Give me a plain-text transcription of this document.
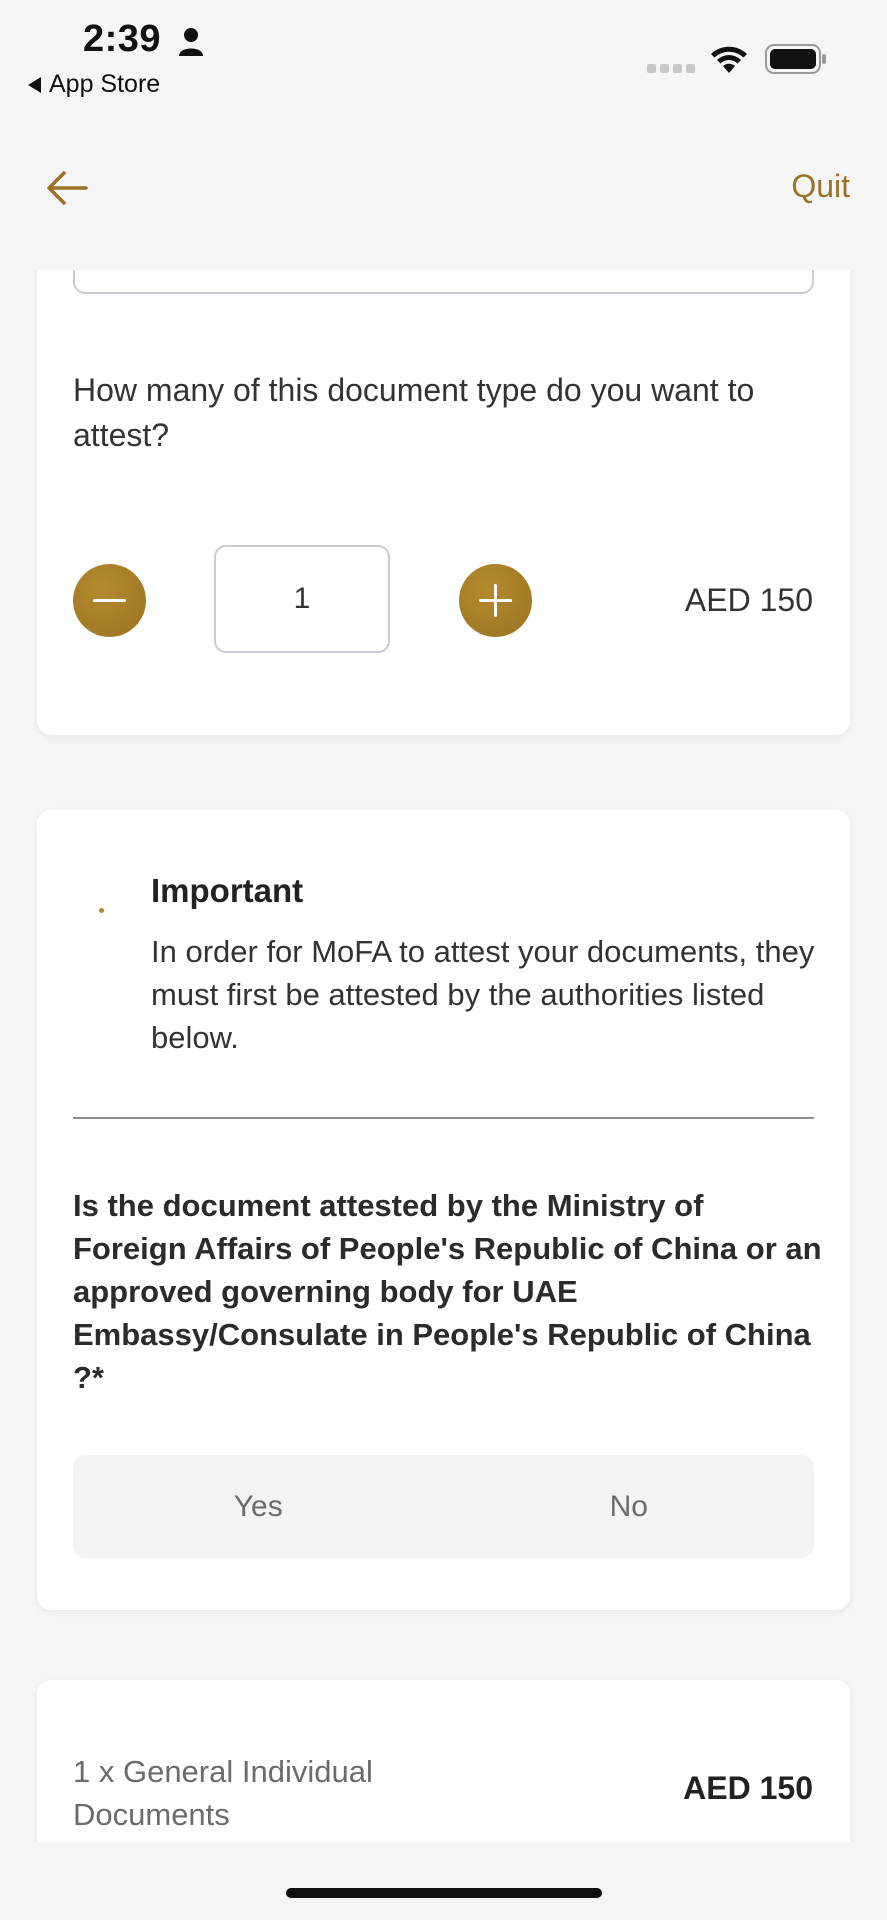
2:39
App Store
Quit
How many of this document type do you want to attest?
1	AED 150
Important
In order for MoFA to attest your documents, they must first be attested by the authorities listed below.
Is the document attested by the Ministry of Foreign Affairs of People's Republic of China or an approved governing body for UAE Embassy/Consulate in People's Republic of China ?*
Yes	No
1 x General Individual Documents
AED 150
